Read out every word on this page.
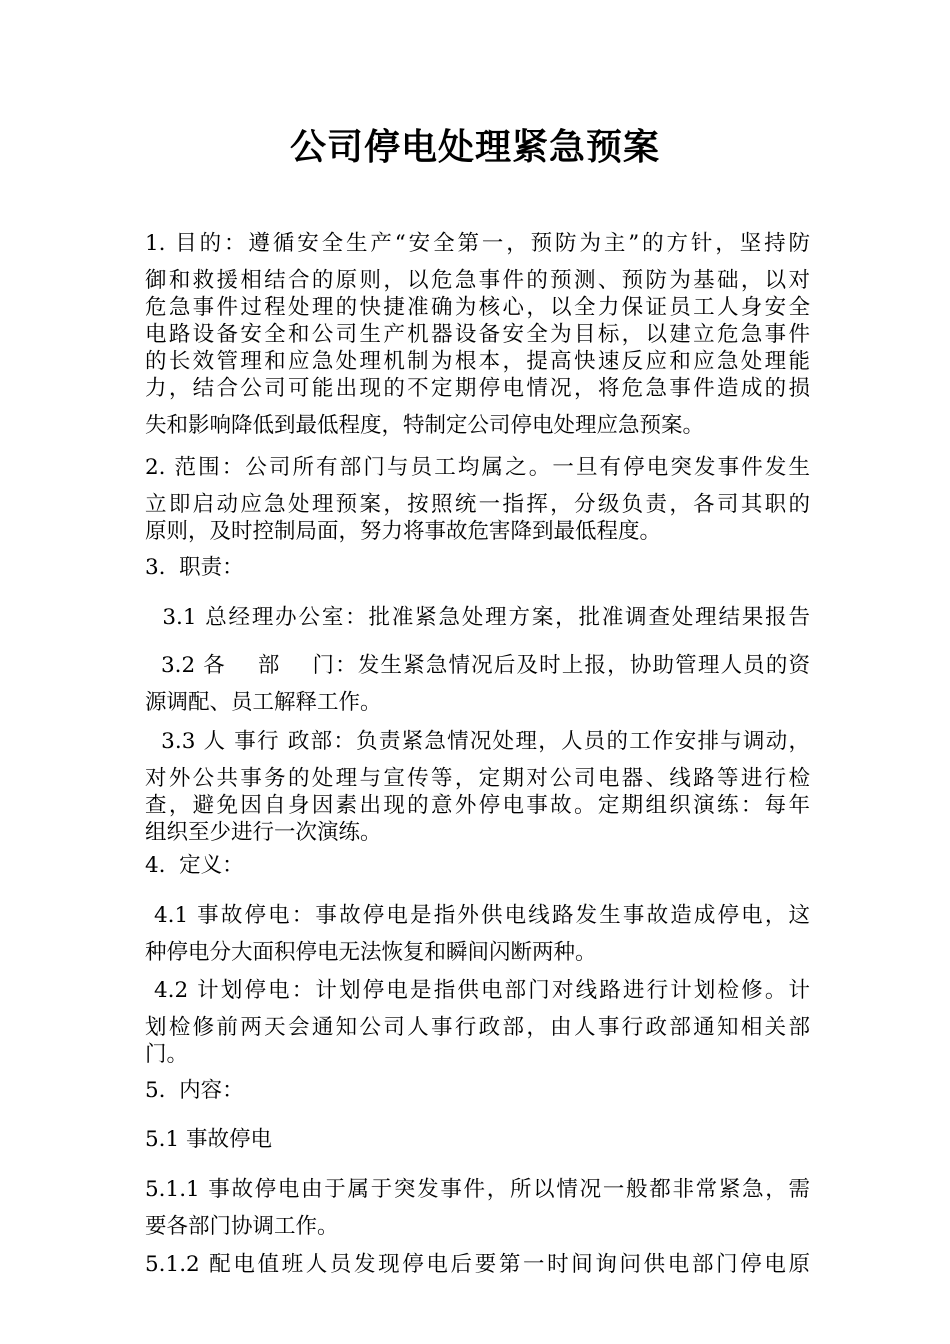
公司停电处理紧急预案
1. 目的：遵循安全生产“安全第一，预防为主”的方针，坚持防
御和救援相结合的原则，以危急事件的预测、预防为基础，以对
危急事件过程处理的快捷准确为核心，以全力保证员工人身安全
电路设备安全和公司生产机器设备安全为目标，以建立危急事件
的长效管理和应急处理机制为根本，提高快速反应和应急处理能
力，结合公司可能出现的不定期停电情况，将危急事件造成的损
失和影响降低到最低程度，特制定公司停电处理应急预案。
2. 范围：公司所有部门与员工均属之。一旦有停电突发事件发生
立即启动应急处理预案，按照统一指挥，分级负责，各司其职的
原则，及时控制局面，努力将事故危害降到最低程度。
3.  职责：
3.1 总经理办公室：批准紧急处理方案，批准调查处理结果报告
3.2 各    部    门：发生紧急情况后及时上报，协助管理人员的资
源调配、员工解释工作。
3.3 人 事行 政部：负责紧急情况处理，人员的工作安排与调动，
对外公共事务的处理与宣传等，定期对公司电器、线路等进行检
查，避免因自身因素出现的意外停电事故。定期组织演练：每年
组织至少进行一次演练。
4.  定义：
4.1 事故停电：事故停电是指外供电线路发生事故造成停电，这
种停电分大面积停电无法恢复和瞬间闪断两种。
4.2 计划停电：计划停电是指供电部门对线路进行计划检修。计
划检修前两天会通知公司人事行政部，由人事行政部通知相关部
门。
5.  内容：
5.1 事故停电
5.1.1 事故停电由于属于突发事件，所以情况一般都非常紧急，需
要各部门协调工作。
5.1.2 配电值班人员发现停电后要第一时间询问供电部门停电原
